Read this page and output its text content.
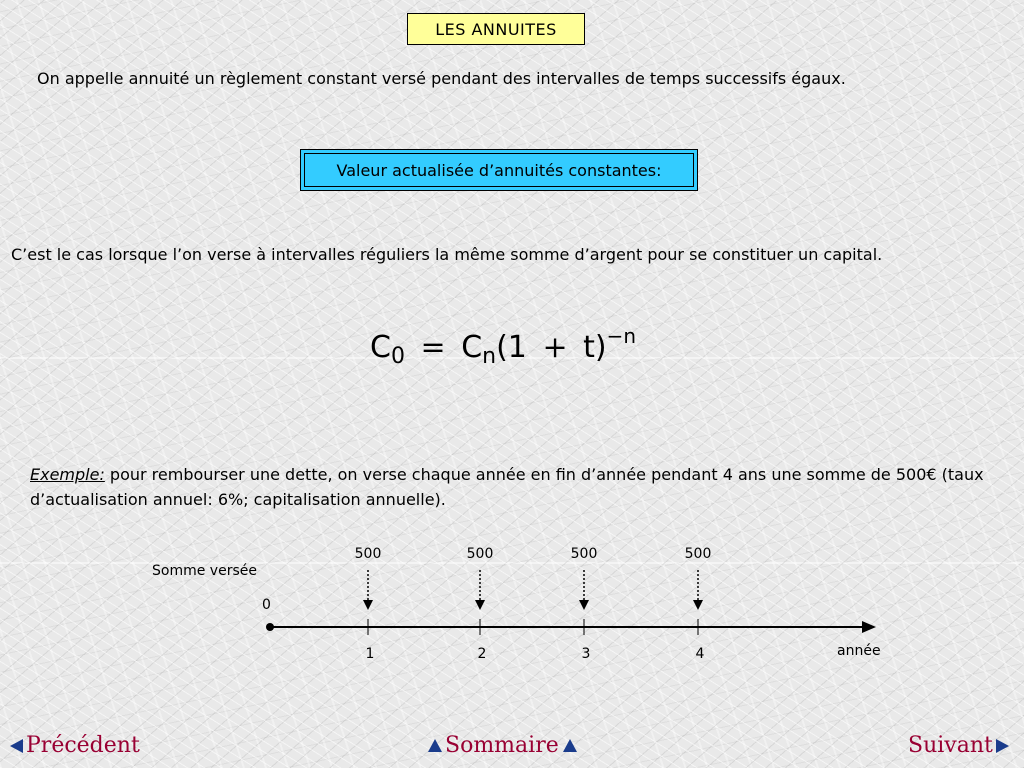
LES ANNUITES
On appelle annuité un règlement constant versé pendant des intervalles de temps successifs égaux.
Valeur actualisée d’annuités constantes:
C’est le cas lorsque l’on verse à intervalles réguliers la même somme d’argent pour se constituer un capital.
$C_0 = C_n(1 + t)^{-n}$
Exemple: pour rembourser une dette, on verse chaque année en fin d’année pendant 4 ans une somme de 500€ (taux d’actualisation annuel: 6%; capitalisation annuelle).
Somme versée
0
année
500
1
500
2
500
3
500
4
Précédent	Sommaire	Suivant
